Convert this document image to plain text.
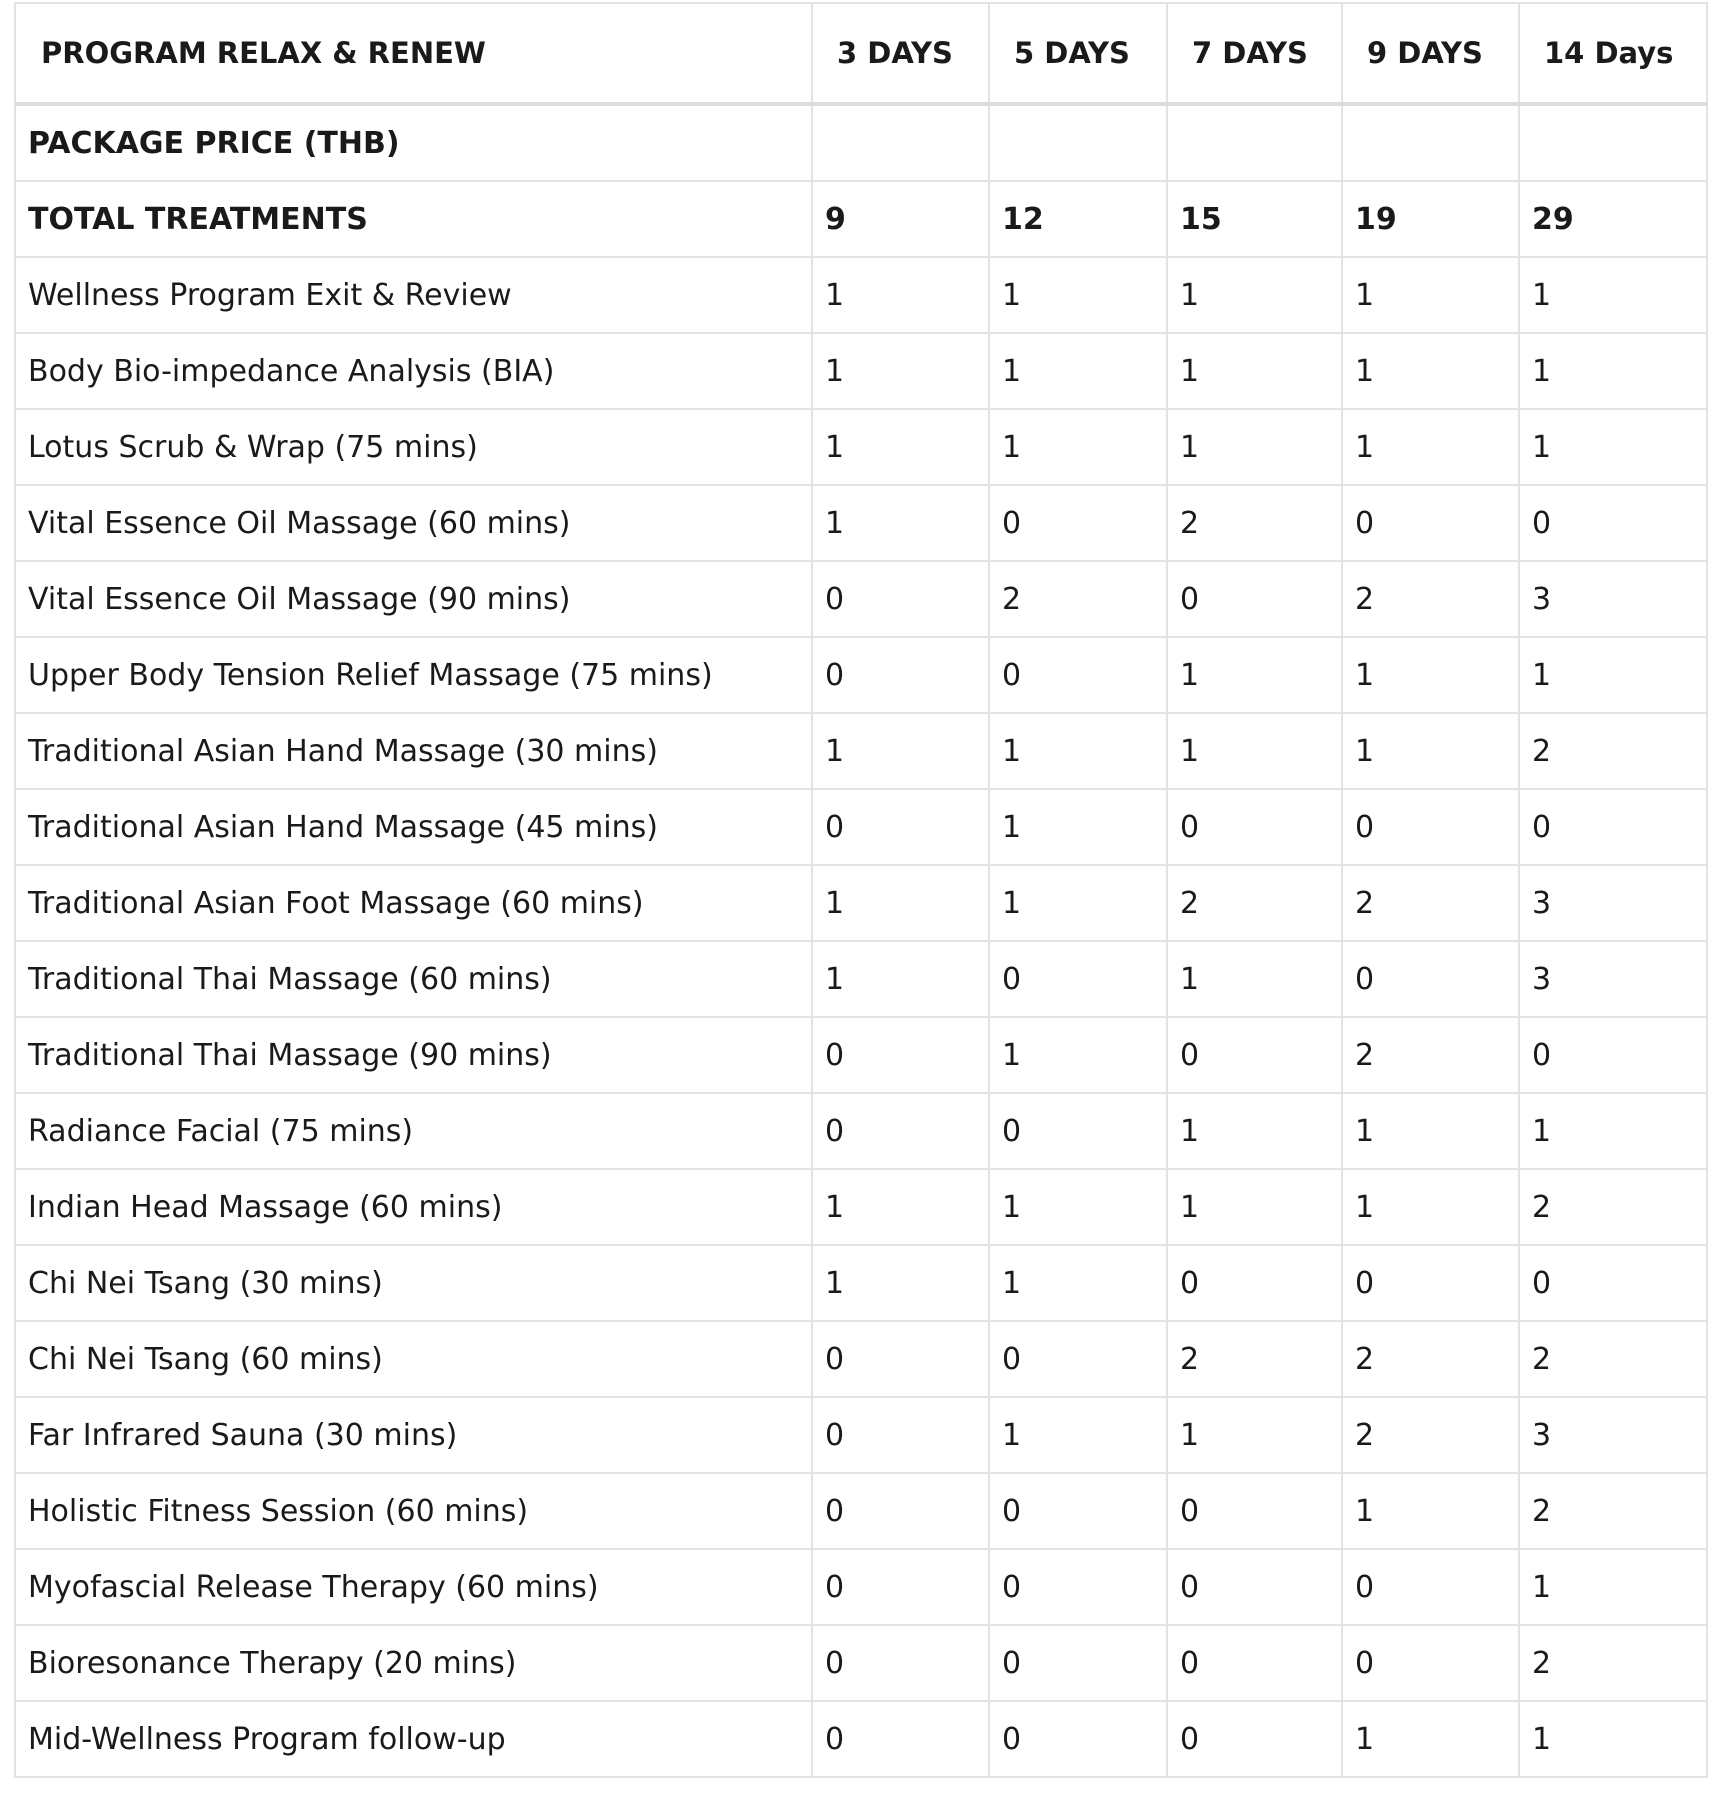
PROGRAM RELAX & RENEW	3 DAYS	5 DAYS	7 DAYS	9 DAYS	14 Days
PACKAGE PRICE (THB)					
TOTAL TREATMENTS	9	12	15	19	29
Wellness Program Exit & Review	1	1	1	1	1
Body Bio-impedance Analysis (BIA)	1	1	1	1	1
Lotus Scrub & Wrap (75 mins)	1	1	1	1	1
Vital Essence Oil Massage (60 mins)	1	0	2	0	0
Vital Essence Oil Massage (90 mins)	0	2	0	2	3
Upper Body Tension Relief Massage (75 mins)	0	0	1	1	1
Traditional Asian Hand Massage (30 mins)	1	1	1	1	2
Traditional Asian Hand Massage (45 mins)	0	1	0	0	0
Traditional Asian Foot Massage (60 mins)	1	1	2	2	3
Traditional Thai Massage (60 mins)	1	0	1	0	3
Traditional Thai Massage (90 mins)	0	1	0	2	0
Radiance Facial (75 mins)	0	0	1	1	1
Indian Head Massage (60 mins)	1	1	1	1	2
Chi Nei Tsang (30 mins)	1	1	0	0	0
Chi Nei Tsang (60 mins)	0	0	2	2	2
Far Infrared Sauna (30 mins)	0	1	1	2	3
Holistic Fitness Session (60 mins)	0	0	0	1	2
Myofascial Release Therapy (60 mins)	0	0	0	0	1
Bioresonance Therapy (20 mins)	0	0	0	0	2
Mid-Wellness Program follow-up	0	0	0	1	1
